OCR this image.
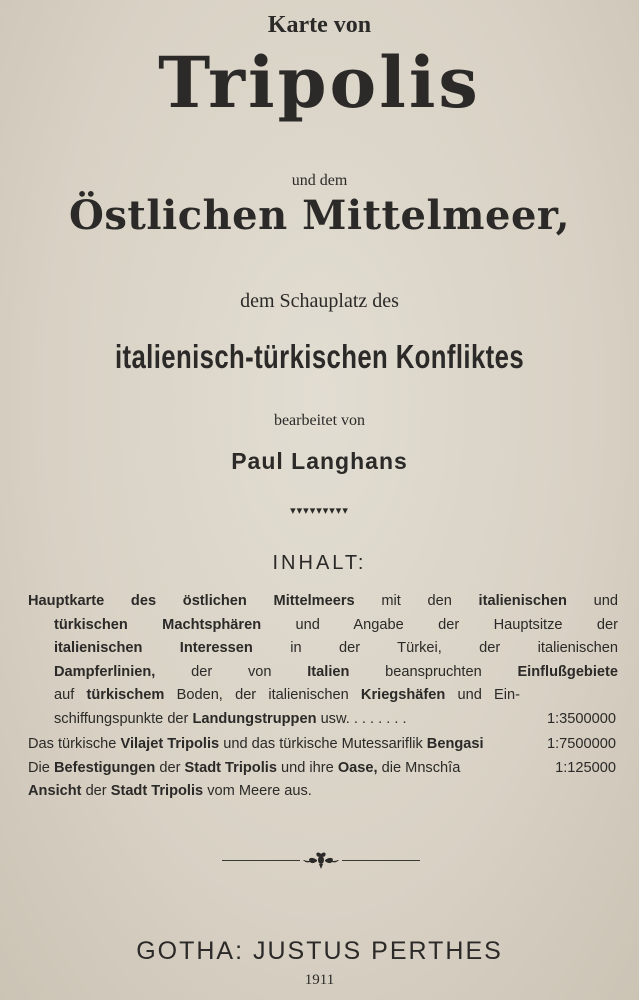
Karte von
Tripolis
und dem
Östlichen Mittelmeer,
dem Schauplatz des
italienisch-türkischen Konfliktes
bearbeitet von
Paul Langhans
▾▾▾▾▾▾▾▾▾
INHALT:

Hauptkarte des östlichen Mittelmeers mit den italienischen und

türkischen Machtsphären und Angabe der Hauptsitze der

italienischen Interessen in der Türkei, der italienischen

Dampferlinien, der von Italien beanspruchten Einflußgebiete

auf türkischem Boden, der italienischen Kriegshäfen und Ein-

schiffungspunkte der Landungstruppen usw. . . . . . . .	1:3500000

Das türkische Vilajet Tripolis und das türkische Mutessariflik Bengasi	1:7500000

Die Befestigungen der Stadt Tripolis und ihre Oase, die Mnschîa	1:125000

Ansicht der Stadt Tripolis vom Meere aus.

GOTHA: JUSTUS PERTHES
1911
